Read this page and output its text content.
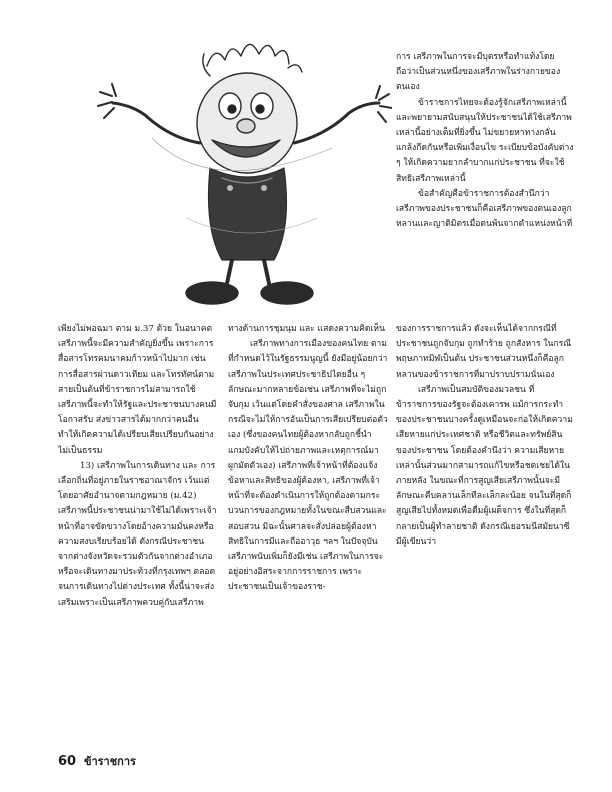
การ เสรีภาพในการจะมีบุตรหรือทำแท้งโดยถือว่าเป็นส่วนหนึ่งของเสรีภาพในร่างกายของตนเอง

ข้าราชการไทยจะต้องรู้จักเสรีภาพเหล่านี้ และพยายามสนับสนุนให้ประชาชนได้ใช้เสรีภาพเหล่านี้อย่างเต็มที่ยิ่งขึ้น ไม่ขยายหาทางกลั่นแกล้งกีดกันหรือเพิ่มเงื่อนไข ระเบียบข้อบังคับต่าง ๆ ให้เกิดความยากลำบากแก่ประชาชน ที่จะใช้สิทธิเสรีภาพเหล่านี้

ข้อสำคัญคือข้าราชการต้องสำนึกว่า เสรีภาพของประชาชนก็คือเสรีภาพของตนเองลูกหลานและญาติมิตรเมื่อตนพ้นจากตำแหน่งหน้าที่

เพียงไม่พอฉมา ตาม ม.37 ด้วย ในอนาคตเสรีภาพนี้จะมีความสำคัญยิ่งขึ้น เพราะการสื่อสารโทรคมนาคมก้าวหน้าไปมาก เช่น การสื่อสารผ่านดาวเทียม และโทรทัศน์ตามสายเป็นต้นที่ข้าราชการไม่สามารถใช้เสรีภาพนี้จะทำให้รัฐและประชาชนบางคนมีโอกาสรับ ส่งข่าวสารได้มากกว่าคนอื่นทำให้เกิดความได้เปรียบเสียเปรียบกันอย่างไม่เป็นธรรม

13) เสรีภาพในการเดินทาง และ การเลือกถิ่นที่อยู่ภายในราชอาณาจักร เว้นแต่โดยอาศัยอำนาจตามกฎหมาย (ม.42) เสรีภาพนี้ประชาชนน่ามาใช้ไม่ได้เพราะเจ้าหน้าที่อาจขัดขวางโดยอ้างความมั่นคงหรือความสงบเรียบร้อยได้ ดังกรณีประชาชนจากต่างจังหวัดจะรวมตัวกันจากต่างอำเภอ หรือจะเดินทางมาประท้วงที่กรุงเทพฯ ตลอดจนการเดินทางไปต่างประเทศ ทั้งนี้น่าจะส่งเสริมเพราะเป็นเสรีภาพควบคู่กับเสรีภาพ

ทางด้านการชุมนุม และ แสดงความคิดเห็น

เสรีภาพทางการเมืองของคนไทย ตามที่กำหนดไว้ในรัฐธรรมนูญนี้ ยังมีอยู่น้อยกว่าเสรีภาพในประเทศประชาธิปไตยอื่น ๆ ลักษณะมากหลายข้อเช่น เสรีภาพที่จะไม่ถูกจับกุม เว้นแต่โดยคำสั่งของศาล เสรีภาพในกรณีจะไม่ให้การอันเป็นการเสียเปรียบต่อตัวเอง (ซึ่งของคนไทยผู้ต้องหากลับถูกชี้นำแกมบังคับให้ไปถ่ายภาพและเหตุการณ์มาผูกมัดตัวเอง) เสรีภาพที่เจ้าหน้าที่ต้องแจ้งข้อหาและสิทธิของผู้ต้องหา, เสรีภาพที่เจ้าหน้าที่จะต้องดำเนินการให้ถูกต้องตามกระบวนการของกฎหมายทั้งในขณะสืบสวนและสอบสวน มิฉะนั้นศาลจะสั่งปล่อยผู้ต้องหา สิทธิในการมีและถืออาวุธ ฯลฯ ในปัจจุบันเสรีภาพนับเพิ่มก็ยังมีเช่น เสรีภาพในการจะอยู่อย่างอิสระจากการราชการ เพราะประชาชนเป็นเจ้าของราช-

ของการราชการแล้ว ดังจะเห็นได้จากกรณีที่ประชาชนถูกจับกุม ถูกทำร้าย ถูกสังหาร ในกรณีพฤษภาทมิฬเป็นต้น ประชาชนส่วนหนึ่งก็คือลูกหลานของข้าราชการที่มาปราบปรามนั่นเอง

เสรีภาพเป็นสมบัติของมวลชน ที่ข้าราชการของรัฐจะต้องเคารพ แม้การกระทำของประชาชนบางครั้งดูเหมือนจะก่อให้เกิดความเสียหายแก่ประเทศชาติ หรือชีวิตและทรัพย์สินของประชาชน โดยต้องคำนึงว่า ความเสียหายเหล่านั้นส่วนมากสามารถแก้ไขหรือชดเชยได้ในภายหลัง ในขณะที่การสูญเสียเสรีภาพนั้นจะมีลักษณะคืบคลานเล็กทีละเล็กละน้อย จนในที่สุดก็สูญเสียไปทั้งหมดเพื่อดื่มผู้เผด็จการ ซึ่งในที่สุดก็กลายเป็นผู้ทำลายชาติ ดังกรณีเยอรมนีสมัยนาซี มีผู้เขียนว่า

60 ข้าราชการ
